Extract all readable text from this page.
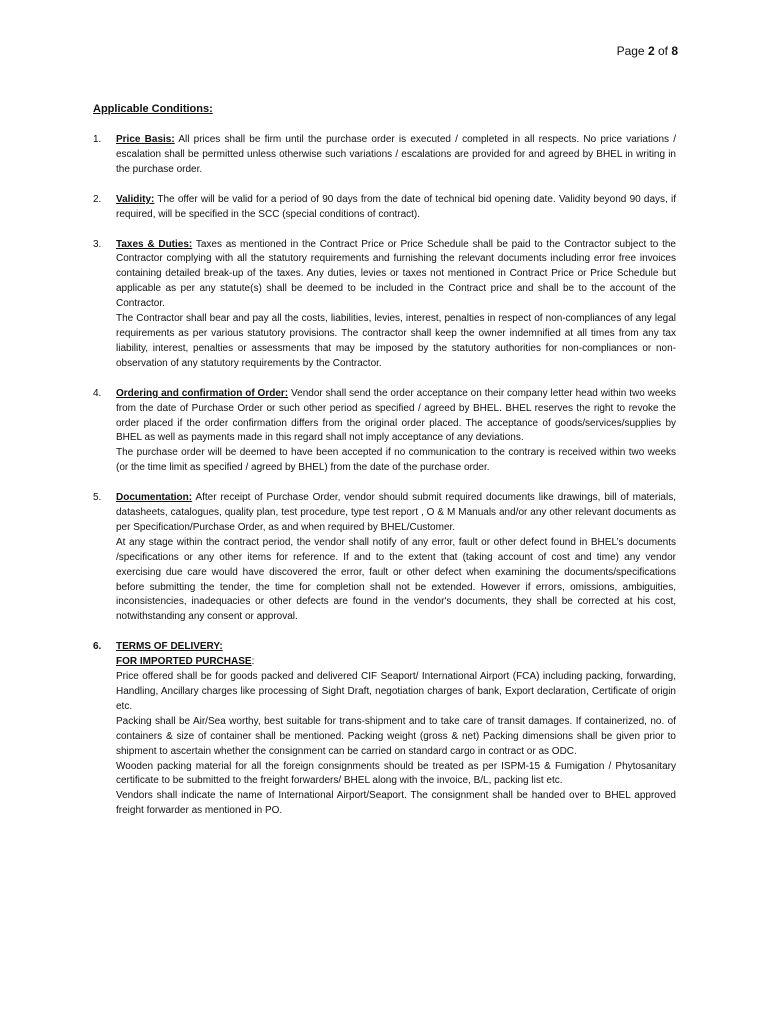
Page 2 of 8
Applicable Conditions:
1.	Price Basis: All prices shall be firm until the purchase order is executed / completed in all respects. No price variations / escalation shall be permitted unless otherwise such variations / escalations are provided for and agreed by BHEL in writing in the purchase order.

2.	Validity: The offer will be valid for a period of 90 days from the date of technical bid opening date. Validity beyond 90 days, if required, will be specified in the SCC (special conditions of contract).

3.	Taxes & Duties: Taxes as mentioned in the Contract Price or Price Schedule shall be paid to the Contractor subject to the Contractor complying with all the statutory requirements and furnishing the relevant documents including error free invoices containing detailed break-up of the taxes. Any duties, levies or taxes not mentioned in Contract Price or Price Schedule but applicable as per any statute(s) shall be deemed to be included in the Contract price and shall be to the account of the Contractor.

The Contractor shall bear and pay all the costs, liabilities, levies, interest, penalties in respect of non-compliances of any legal requirements as per various statutory provisions. The contractor shall keep the owner indemnified at all times from any tax liability, interest, penalties or assessments that may be imposed by the statutory authorities for non-compliances or non-observation of any statutory requirements by the Contractor.

4.	Ordering and confirmation of Order: Vendor shall send the order acceptance on their company letter head within two weeks from the date of Purchase Order or such other period as specified / agreed by BHEL. BHEL reserves the right to revoke the order placed if the order confirmation differs from the original order placed. The acceptance of goods/services/supplies by BHEL as well as payments made in this regard shall not imply acceptance of any deviations.

The purchase order will be deemed to have been accepted if no communication to the contrary is received within two weeks (or the time limit as specified / agreed by BHEL) from the date of the purchase order.

5.	Documentation: After receipt of Purchase Order, vendor should submit required documents like drawings, bill of materials, datasheets, catalogues, quality plan, test procedure, type test report , O & M Manuals and/or any other relevant documents as per Specification/Purchase Order, as and when required by BHEL/Customer.

At any stage within the contract period, the vendor shall notify of any error, fault or other defect found in BHEL’s documents /specifications or any other items for reference. If and to the extent that (taking account of cost and time) any vendor exercising due care would have discovered the error, fault or other defect when examining the documents/specifications before submitting the tender, the time for completion shall not be extended. However if errors, omissions, ambiguities, inconsistencies, inadequacies or other defects are found in the vendor's documents, they shall be corrected at his cost, notwithstanding any consent or approval.

6.	TERMS OF DELIVERY:

FOR IMPORTED PURCHASE:

Price offered shall be for goods packed and delivered CIF Seaport/ International Airport (FCA) including packing, forwarding, Handling, Ancillary charges like processing of Sight Draft, negotiation charges of bank, Export declaration, Certificate of origin etc.

Packing shall be Air/Sea worthy, best suitable for trans-shipment and to take care of transit damages. If containerized, no. of containers & size of container shall be mentioned. Packing weight (gross & net) Packing dimensions shall be given prior to shipment to ascertain whether the consignment can be carried on standard cargo in contract or as ODC.

Wooden packing material for all the foreign consignments should be treated as per ISPM-15 & Fumigation / Phytosanitary certificate to be submitted to the freight forwarders/ BHEL along with the invoice, B/L, packing list etc.

Vendors shall indicate the name of International Airport/Seaport. The consignment shall be handed over to BHEL approved freight forwarder as mentioned in PO.
